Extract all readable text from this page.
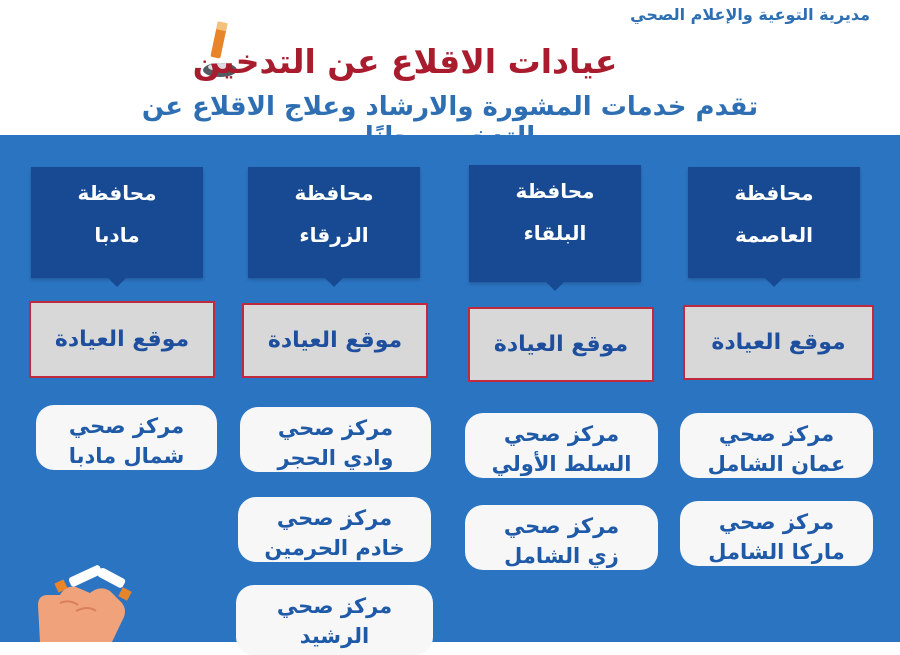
مديرية التوعية والإعلام الصحي
عيادات الاقلاع عن التدخين
تقدم خدمات المشورة والارشاد وعلاج الاقلاع عن
محافظة
العاصمة
موقع العيادة
مركز صحي
عمان الشامل
مركز صحي
ماركا الشامل
محافظة
البلقاء
موقع العيادة
مركز صحي
السلط الأولي
مركز صحي
زي الشامل
محافظة
الزرقاء
موقع العيادة
مركز صحي
وادي الحجر
مركز صحي
خادم الحرمين
مركز صحي
الرشيد
محافظة
مادبا
موقع العيادة
مركز صحي
شمال مادبا
